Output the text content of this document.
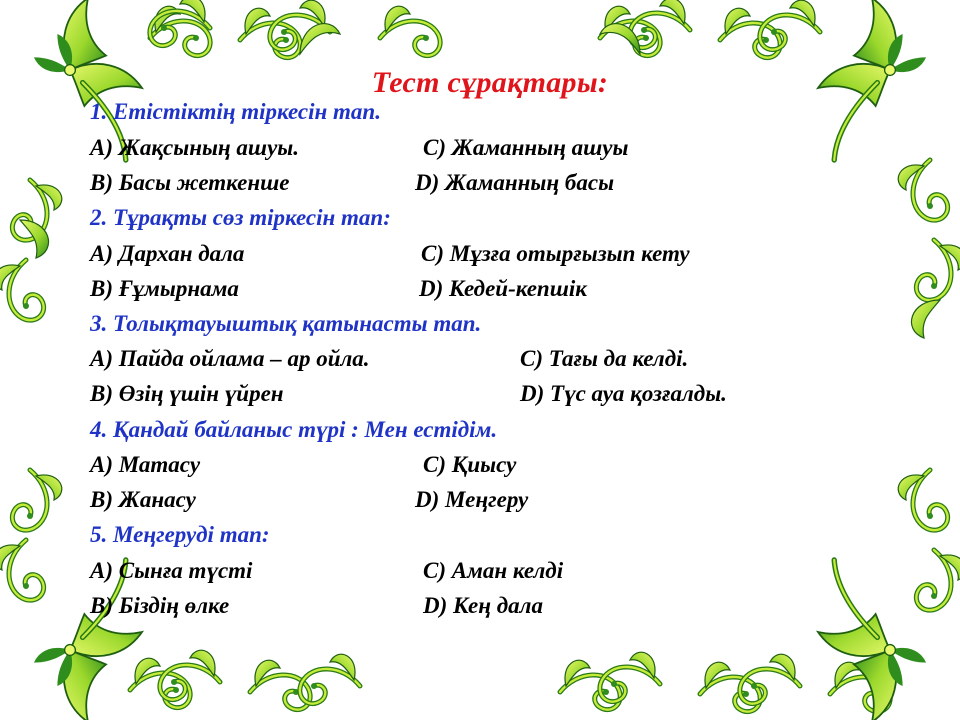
Тест сұрақтары:
1. Етістіктің тіркесін тап.
А) Жақсының ашуы.	С) Жаманның ашуы
В) Басы жеткенше	D) Жаманның басы
2. Тұрақты сөз тіркесін тап:
А) Дархан дала	С) Мұзға отырғызып кету
В) Ғұмырнама	D) Кедей-кепшік
3. Толықтауыштық қатынасты тап.
А) Пайда ойлама – ар ойла.	С) Тағы да келді.
В) Өзің үшін үйрен	D) Түс ауа қозғалды.
4. Қандай байланыс түрі : Мен естідім.
А) Матасу	С) Қиысу
В) Жанасу	D) Меңгеру
5. Меңгеруді тап:
А) Сынға түсті	С) Аман келді
В) Біздің өлке	D) Кең дала
